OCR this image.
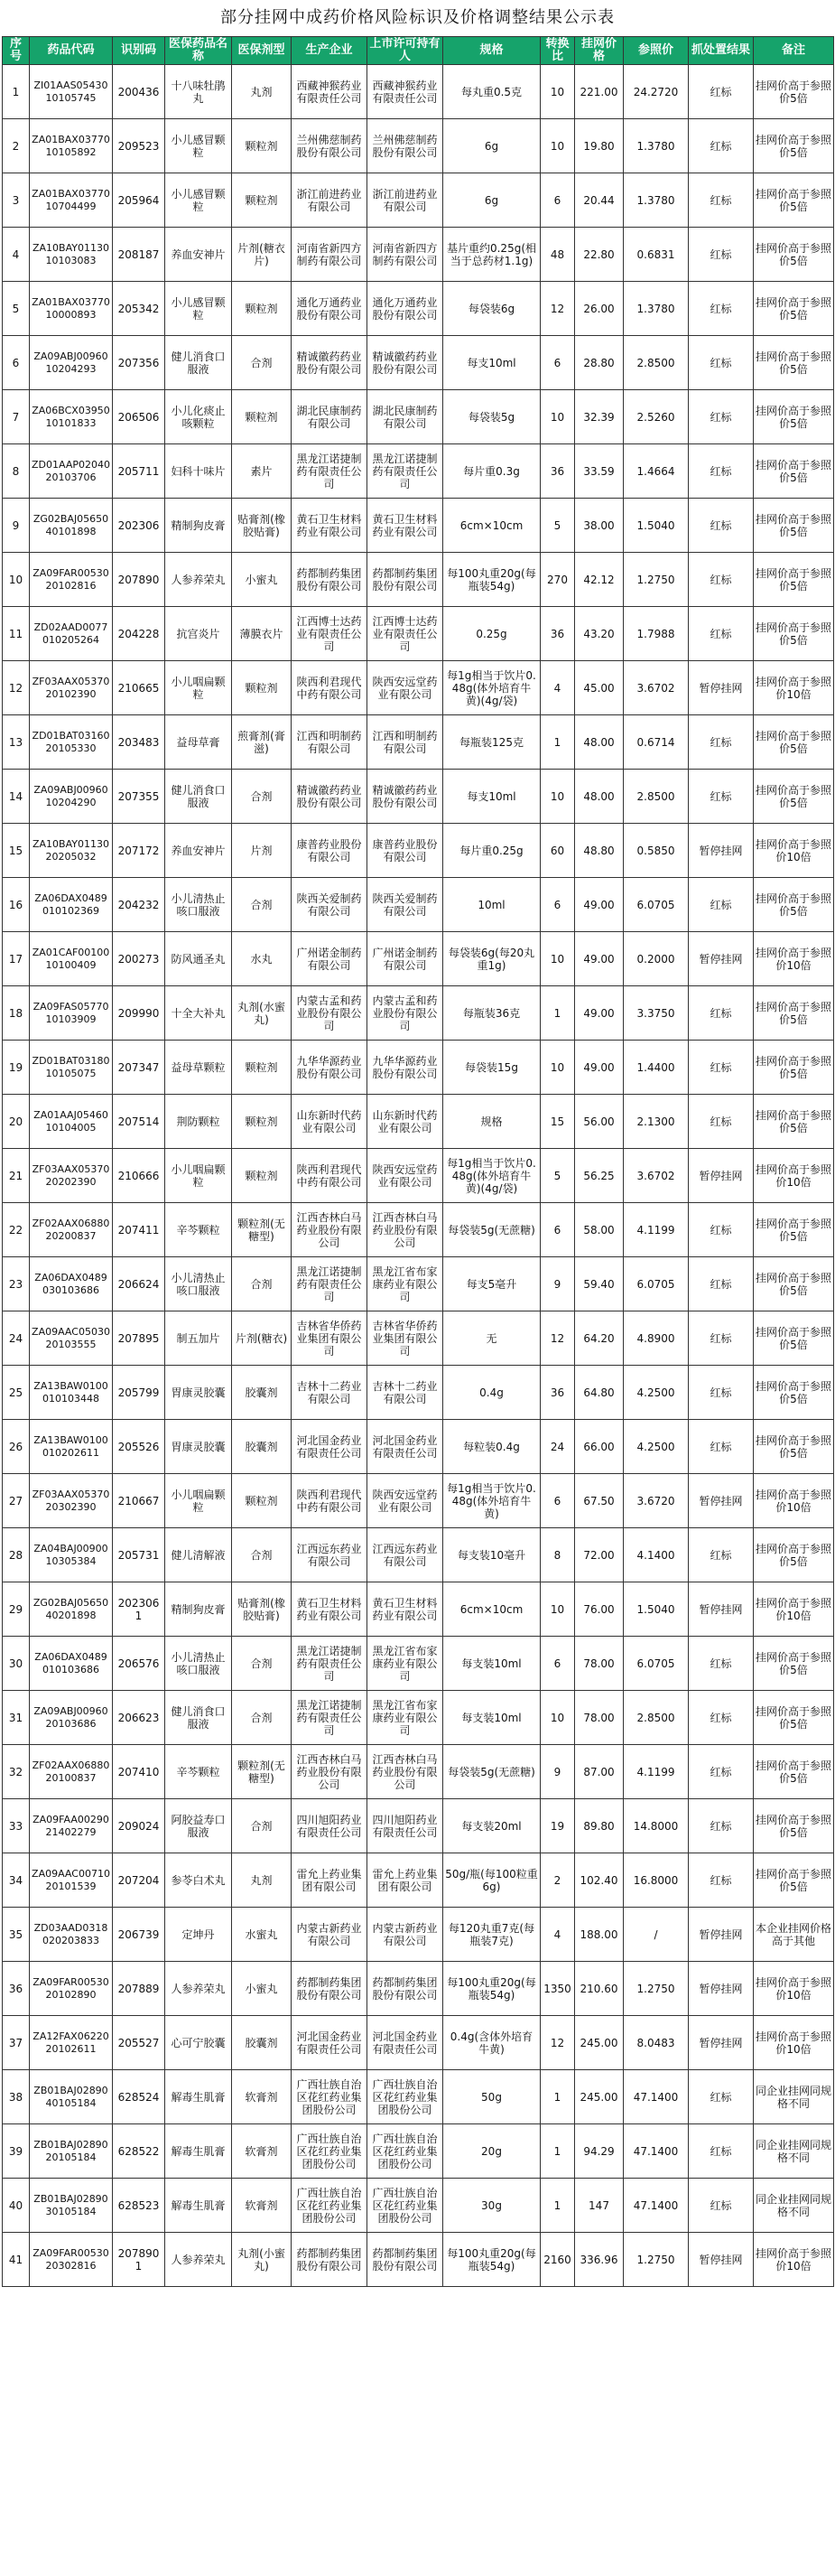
部分挂网中成药价格风险标识及价格调整结果公示表
序号	药品代码	识别码	医保药品名称	医保剂型	生产企业	上市许可持有人	规格	转换比	挂网价格	参照价	抓处置结果	备注
1	ZI01AAS0543010105745	200436	十八味牡鹃丸	丸剂	西藏神猴药业有限责任公司	西藏神猴药业有限责任公司	每丸重0.5克	10	221.00	24.2720	红标	挂网价高于参照价5倍
2	ZA01BAX0377010105892	209523	小儿感冒颗粒	颗粒剂	兰州佛慈制药股份有限公司	兰州佛慈制药股份有限公司	6g	10	19.80	1.3780	红标	挂网价高于参照价5倍
3	ZA01BAX0377010704499	205964	小儿感冒颗粒	颗粒剂	浙江前进药业有限公司	浙江前进药业有限公司	6g	6	20.44	1.3780	红标	挂网价高于参照价5倍
4	ZA10BAY0113010103083	208187	养血安神片	片剂(糖衣片)	河南省新四方制药有限公司	河南省新四方制药有限公司	基片重约0.25g(相当于总药材1.1g)	48	22.80	0.6831	红标	挂网价高于参照价5倍
5	ZA01BAX0377010000893	205342	小儿感冒颗粒	颗粒剂	通化万通药业股份有限公司	通化万通药业股份有限公司	每袋装6g	12	26.00	1.3780	红标	挂网价高于参照价5倍
6	ZA09ABJ0096010204293	207356	健儿消食口服液	合剂	精诚徽药药业股份有限公司	精诚徽药药业股份有限公司	每支10ml	6	28.80	2.8500	红标	挂网价高于参照价5倍
7	ZA06BCX0395010101833	206506	小儿化痰止咳颗粒	颗粒剂	湖北民康制药有限公司	湖北民康制药有限公司	每袋装5g	10	32.39	2.5260	红标	挂网价高于参照价5倍
8	ZD01AAP0204020103706	205711	妇科十味片	素片	黑龙江诺捷制药有限责任公司	黑龙江诺捷制药有限责任公司	每片重0.3g	36	33.59	1.4664	红标	挂网价高于参照价5倍
9	ZG02BAJ0565040101898	202306	精制狗皮膏	贴膏剂(橡胶贴膏)	黄石卫生材料药业有限公司	黄石卫生材料药业有限公司	6cm×10cm	5	38.00	1.5040	红标	挂网价高于参照价5倍
10	ZA09FAR0053020102816	207890	人参养荣丸	小蜜丸	药都制药集团股份有限公司	药都制药集团股份有限公司	每100丸重20g(每瓶装54g)	270	42.12	1.2750	红标	挂网价高于参照价5倍
11	ZD02AAD0077010205264	204228	抗宫炎片	薄膜衣片	江西博士达药业有限责任公司	江西博士达药业有限责任公司	0.25g	36	43.20	1.7988	红标	挂网价高于参照价5倍
12	ZF03AAX0537020102390	210665	小儿咽扁颗粒	颗粒剂	陕西利君现代中药有限公司	陕西安远堂药业有限公司	每1g相当于饮片0.48g(体外培育牛黄)(4g/袋)	4	45.00	3.6702	暂停挂网	挂网价高于参照价10倍
13	ZD01BAT0316020105330	203483	益母草膏	煎膏剂(膏滋)	江西和明制药有限公司	江西和明制药有限公司	每瓶装125克	1	48.00	0.6714	红标	挂网价高于参照价5倍
14	ZA09ABJ0096010204290	207355	健儿消食口服液	合剂	精诚徽药药业股份有限公司	精诚徽药药业股份有限公司	每支10ml	10	48.00	2.8500	红标	挂网价高于参照价5倍
15	ZA10BAY0113020205032	207172	养血安神片	片剂	康普药业股份有限公司	康普药业股份有限公司	每片重0.25g	60	48.80	0.5850	暂停挂网	挂网价高于参照价10倍
16	ZA06DAX0489010102369	204232	小儿清热止咳口服液	合剂	陕西关爱制药有限公司	陕西关爱制药有限公司	10ml	6	49.00	6.0705	红标	挂网价高于参照价5倍
17	ZA01CAF0010010100409	200273	防风通圣丸	水丸	广州诺金制药有限公司	广州诺金制药有限公司	每袋装6g(每20丸重1g)	10	49.00	0.2000	暂停挂网	挂网价高于参照价10倍
18	ZA09FAS0577010103909	209990	十全大补丸	丸剂(水蜜丸)	内蒙古孟和药业股份有限公司	内蒙古孟和药业股份有限公司	每瓶装36克	1	49.00	3.3750	红标	挂网价高于参照价5倍
19	ZD01BAT0318010105075	207347	益母草颗粒	颗粒剂	九华华源药业股份有限公司	九华华源药业股份有限公司	每袋装15g	10	49.00	1.4400	红标	挂网价高于参照价5倍
20	ZA01AAJ0546010104005	207514	荆防颗粒	颗粒剂	山东新时代药业有限公司	山东新时代药业有限公司	规格	15	56.00	2.1300	红标	挂网价高于参照价5倍
21	ZF03AAX0537020202390	210666	小儿咽扁颗粒	颗粒剂	陕西利君现代中药有限公司	陕西安远堂药业有限公司	每1g相当于饮片0.48g(体外培育牛黄)(4g/袋)	5	56.25	3.6702	暂停挂网	挂网价高于参照价10倍
22	ZF02AAX0688020200837	207411	辛芩颗粒	颗粒剂(无糖型)	江西杏林白马药业股份有限公司	江西杏林白马药业股份有限公司	每袋装5g(无蔗糖)	6	58.00	4.1199	红标	挂网价高于参照价5倍
23	ZA06DAX0489030103686	206624	小儿清热止咳口服液	合剂	黑龙江诺捷制药有限责任公司	黑龙江省布家康药业有限公司	每支5毫升	9	59.40	6.0705	红标	挂网价高于参照价5倍
24	ZA09AAC0503020103555	207895	制五加片	片剂(糖衣)	吉林省华侨药业集团有限公司	吉林省华侨药业集团有限公司	无	12	64.20	4.8900	红标	挂网价高于参照价5倍
25	ZA13BAW0100010103448	205799	胃康灵胶囊	胶囊剂	吉林十二药业有限公司	吉林十二药业有限公司	0.4g	36	64.80	4.2500	红标	挂网价高于参照价5倍
26	ZA13BAW0100010202611	205526	胃康灵胶囊	胶囊剂	河北国金药业有限责任公司	河北国金药业有限责任公司	每粒装0.4g	24	66.00	4.2500	红标	挂网价高于参照价5倍
27	ZF03AAX0537020302390	210667	小儿咽扁颗粒	颗粒剂	陕西利君现代中药有限公司	陕西安远堂药业有限公司	每1g相当于饮片0.48g(体外培育牛黄)	6	67.50	3.6720	暂停挂网	挂网价高于参照价10倍
28	ZA04BAJ0090010305384	205731	健儿清解液	合剂	江西远东药业有限公司	江西远东药业有限公司	每支装10毫升	8	72.00	4.1400	红标	挂网价高于参照价5倍
29	ZG02BAJ0565040201898	2023061	精制狗皮膏	贴膏剂(橡胶贴膏)	黄石卫生材料药业有限公司	黄石卫生材料药业有限公司	6cm×10cm	10	76.00	1.5040	暂停挂网	挂网价高于参照价10倍
30	ZA06DAX0489010103686	206576	小儿清热止咳口服液	合剂	黑龙江诺捷制药有限责任公司	黑龙江省布家康药业有限公司	每支装10ml	6	78.00	6.0705	红标	挂网价高于参照价5倍
31	ZA09ABJ0096020103686	206623	健儿消食口服液	合剂	黑龙江诺捷制药有限责任公司	黑龙江省布家康药业有限公司	每支装10ml	10	78.00	2.8500	红标	挂网价高于参照价5倍
32	ZF02AAX0688020100837	207410	辛芩颗粒	颗粒剂(无糖型)	江西杏林白马药业股份有限公司	江西杏林白马药业股份有限公司	每袋装5g(无蔗糖)	9	87.00	4.1199	红标	挂网价高于参照价5倍
33	ZA09FAA0029021402279	209024	阿胶益寿口服液	合剂	四川旭阳药业有限责任公司	四川旭阳药业有限责任公司	每支装20ml	19	89.80	14.8000	红标	挂网价高于参照价5倍
34	ZA09AAC0071020101539	207204	参苓白术丸	丸剂	雷允上药业集团有限公司	雷允上药业集团有限公司	50g/瓶(每100粒重6g)	2	102.40	16.8000	红标	挂网价高于参照价5倍
35	ZD03AAD0318020203833	206739	定坤丹	水蜜丸	内蒙古新药业有限公司	内蒙古新药业有限公司	每120丸重7克(每瓶装7克)	4	188.00	/	暂停挂网	本企业挂网价格高于其他
36	ZA09FAR0053020102890	207889	人参养荣丸	小蜜丸	药都制药集团股份有限公司	药都制药集团股份有限公司	每100丸重20g(每瓶装54g)	1350	210.60	1.2750	暂停挂网	挂网价高于参照价10倍
37	ZA12FAX0622020102611	205527	心可宁胶囊	胶囊剂	河北国金药业有限责任公司	河北国金药业有限责任公司	0.4g(含体外培育牛黄)	12	245.00	8.0483	暂停挂网	挂网价高于参照价10倍
38	ZB01BAJ0289040105184	628524	解毒生肌膏	软膏剂	广西壮族自治区花红药业集团股份公司	广西壮族自治区花红药业集团股份公司	50g	1	245.00	47.1400	红标	同企业挂网同规格不同
39	ZB01BAJ0289020105184	628522	解毒生肌膏	软膏剂	广西壮族自治区花红药业集团股份公司	广西壮族自治区花红药业集团股份公司	20g	1	94.29	47.1400	红标	同企业挂网同规格不同
40	ZB01BAJ0289030105184	628523	解毒生肌膏	软膏剂	广西壮族自治区花红药业集团股份公司	广西壮族自治区花红药业集团股份公司	30g	1	147	47.1400	红标	同企业挂网同规格不同
41	ZA09FAR0053020302816	2078901	人参养荣丸	丸剂(小蜜丸)	药都制药集团股份有限公司	药都制药集团股份有限公司	每100丸重20g(每瓶装54g)	2160	336.96	1.2750	暂停挂网	挂网价高于参照价10倍
